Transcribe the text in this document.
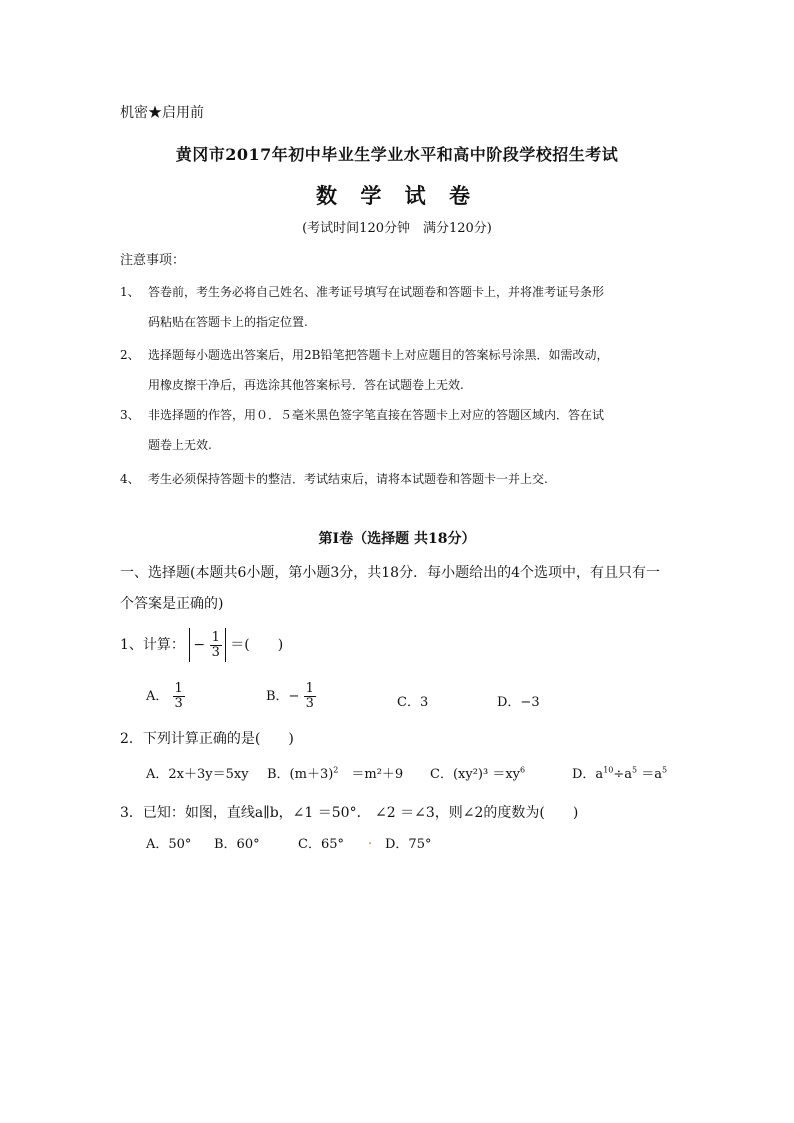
机密★启用前
黄冈市2017年初中毕业生学业水平和高中阶段学校招生考试
数 学 试 卷
(考试时间120分钟　满分120分)
注意事项：
1、 答卷前，考生务必将自己姓名、准考证号填写在试题卷和答题卡上，并将准考证号条形
码粘贴在答题卡上的指定位置.
2、 选择题每小题选出答案后，用2B铅笔把答题卡上对应题目的答案标号涂黑．如需改动，
用橡皮擦干净后，再选涂其他答案标号．答在试题卷上无效.
3、 非选择题的作答，用０．５毫米黑色签字笔直接在答题卡上对应的答题区域内．答在试
题卷上无效.
4、 考生必须保持答题卡的整洁．考试结束后，请将本试题卷和答题卡一并上交.
第Ⅰ卷（选择题 共18分）
一、选择题(本题共6小题，第小题3分，共18分．每小题给出的4个选项中，有且只有一
个答案是正确的)
1、计算： − $\frac{1}{3}$ ＝(　　)
A． $\frac{1}{3}$	B．− $\frac{1}{3}$	C．3	D．−3
2．下列计算正确的是(　　)
A．2x＋3y＝5xy B．$(m+3)^2$　＝m²＋9 C．$(xy^2)^3 =xy^6$	D．$a^{10}\div a^5 =a^5$
3．已知：如图，直线a∥b，∠1 ＝50°． ∠2 ＝∠3，则∠2的度数为(　　)
A．50° B．60°	C．65° . D．75°
